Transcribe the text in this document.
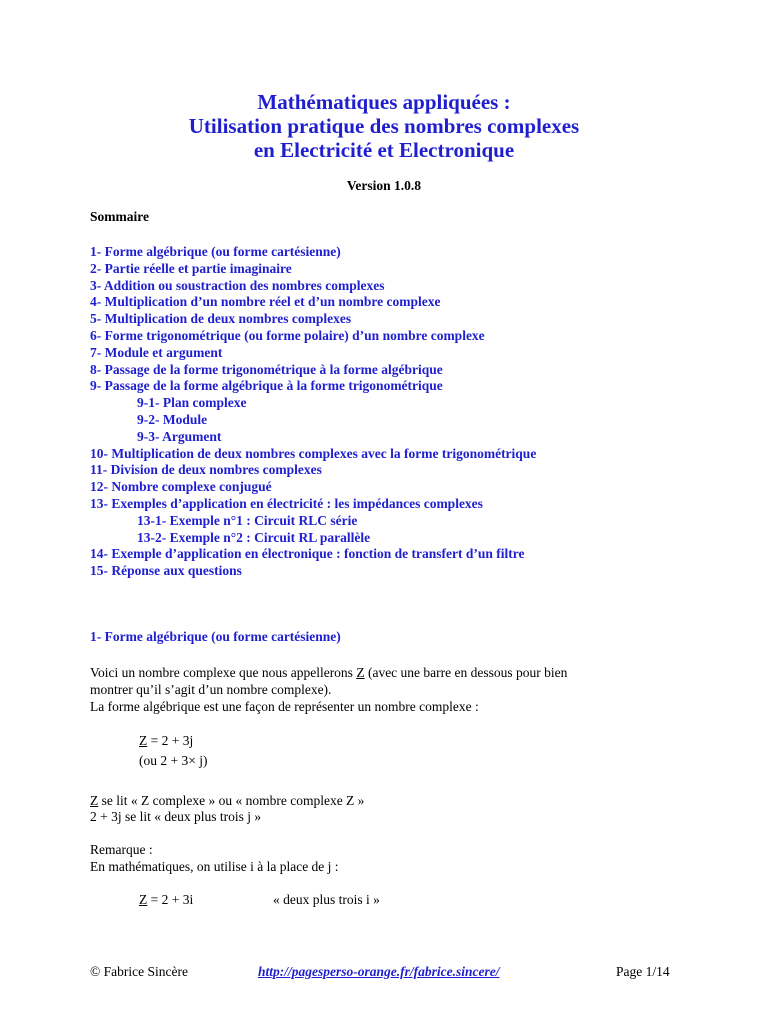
Mathématiques appliquées :
Utilisation pratique des nombres complexes
en Electricité et Electronique
Version 1.0.8
Sommaire
1- Forme algébrique (ou forme cartésienne)
2- Partie réelle et partie imaginaire
3- Addition ou soustraction des nombres complexes
4- Multiplication d’un nombre réel et d’un nombre complexe
5- Multiplication de deux nombres complexes
6- Forme trigonométrique (ou forme polaire) d’un nombre complexe
7- Module et argument
8- Passage de la forme trigonométrique à la forme algébrique
9- Passage de la forme algébrique à la forme trigonométrique
9-1- Plan complexe
9-2- Module
9-3- Argument
10- Multiplication de deux nombres complexes avec la forme trigonométrique
11- Division de deux nombres complexes
12- Nombre complexe conjugué
13- Exemples d’application en électricité : les impédances complexes
13-1- Exemple n°1 : Circuit RLC série
13-2- Exemple n°2 : Circuit RL parallèle
14- Exemple d’application en électronique : fonction de transfert d’un filtre
15- Réponse aux questions
1- Forme algébrique (ou forme cartésienne)
Voici un nombre complexe que nous appellerons Z (avec une barre en dessous pour bien
montrer qu’il s’agit d’un nombre complexe).
La forme algébrique est une façon de représenter un nombre complexe :
Z = 2 + 3j
(ou 2 + 3× j)
Z se lit « Z complexe » ou « nombre complexe Z »
2 + 3j se lit « deux plus trois j »
Remarque :
En mathématiques, on utilise i à la place de j :
Z = 2 + 3i	« deux plus trois i »
© Fabrice Sincère	http://pagesperso-orange.fr/fabrice.sincere/	Page 1/14
